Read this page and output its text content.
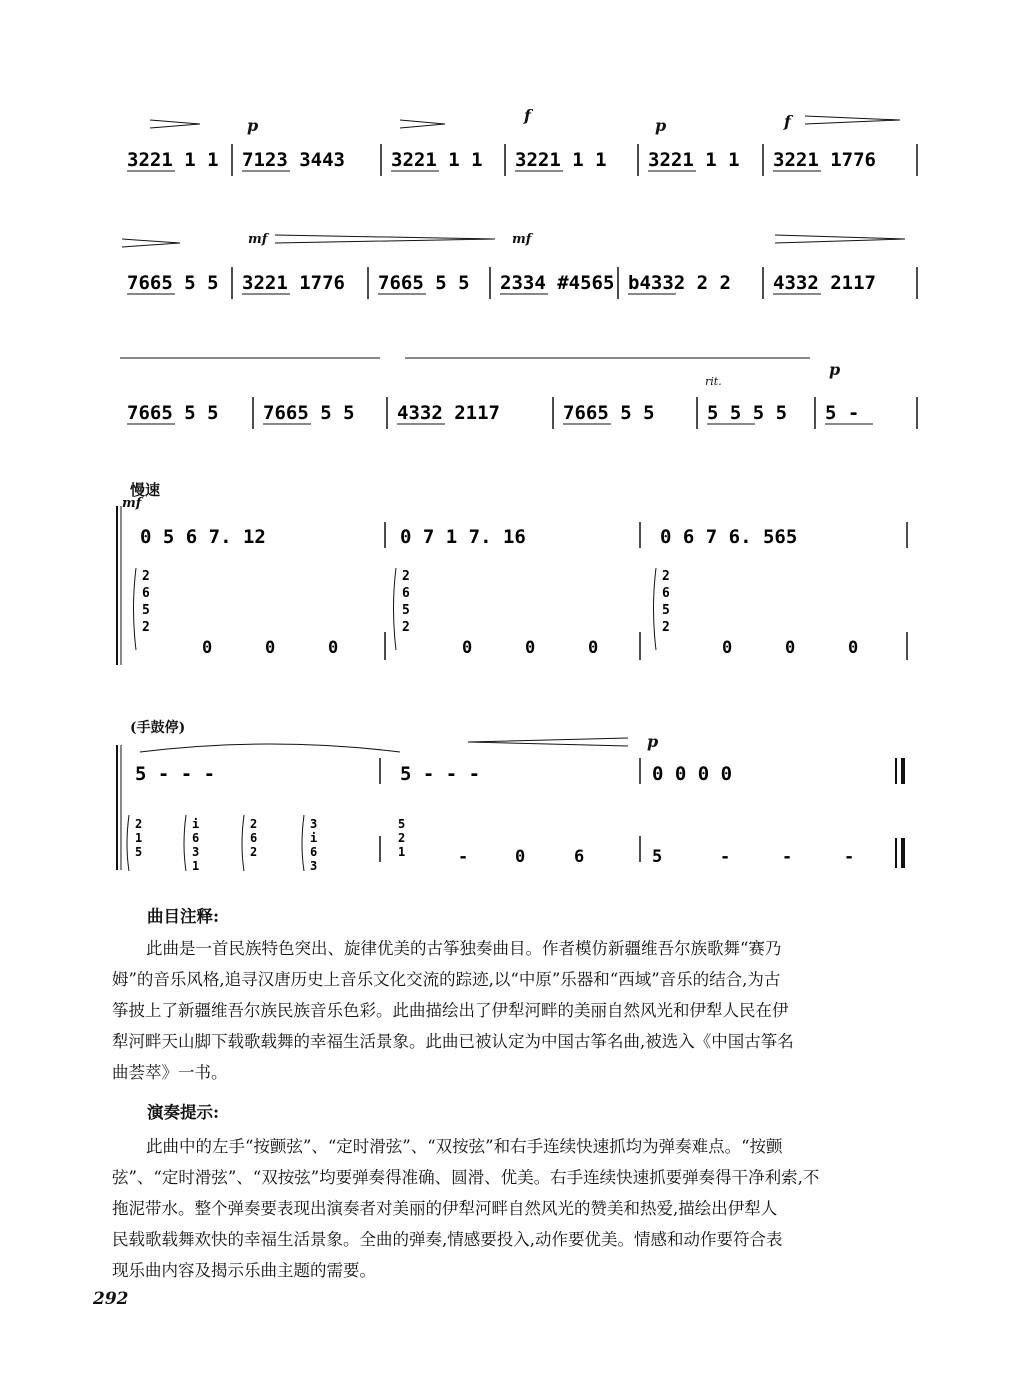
3221 1 1 7123 3443 3221 1 1 3221 1 1 3221 1 1 3221 1776
7665 5 5 3221 1776 7665 5 5 2334 #4565 b4332 2 2 4332 2117
7665 5 5 7665 5 5 4332 2117	7665 5 5	5 5 5 5 5 -
0 5 6 7. 12
2
6
5
2
0	0	0
0 7 1 7. 16
2
6
5
2
0	0	0
0 6 7 6. 565
2
6
5
2
0	0	0
5 - - -	5 - - -	0 0 0 0
2
1
5
i
6
3
1
2
6
2
3
i
6
3
5
2
1	-	0	6	5	-	-	-
p
f
p	f
mf	mf
rit.
p
mf
p
慢速
(手鼓停)
曲目注释:
此曲是一首民族特色突出、旋律优美的古筝独奏曲目。作者模仿新疆维吾尔族歌舞“赛乃
姆”的音乐风格,追寻汉唐历史上音乐文化交流的踪迹,以“中原”乐器和“西域”音乐的结合,为古
筝披上了新疆维吾尔族民族音乐色彩。此曲描绘出了伊犁河畔的美丽自然风光和伊犁人民在伊
犁河畔天山脚下载歌载舞的幸福生活景象。此曲已被认定为中国古筝名曲,被选入《中国古筝名
曲荟萃》一书。
演奏提示:
此曲中的左手“按颤弦”、“定时滑弦”、“双按弦”和右手连续快速抓均为弹奏难点。“按颤
弦”、“定时滑弦”、“双按弦”均要弹奏得准确、圆滑、优美。右手连续快速抓要弹奏得干净利索,不
拖泥带水。整个弹奏要表现出演奏者对美丽的伊犁河畔自然风光的赞美和热爱,描绘出伊犁人
民载歌载舞欢快的幸福生活景象。全曲的弹奏,情感要投入,动作要优美。情感和动作要符合表
现乐曲内容及揭示乐曲主题的需要。
292
